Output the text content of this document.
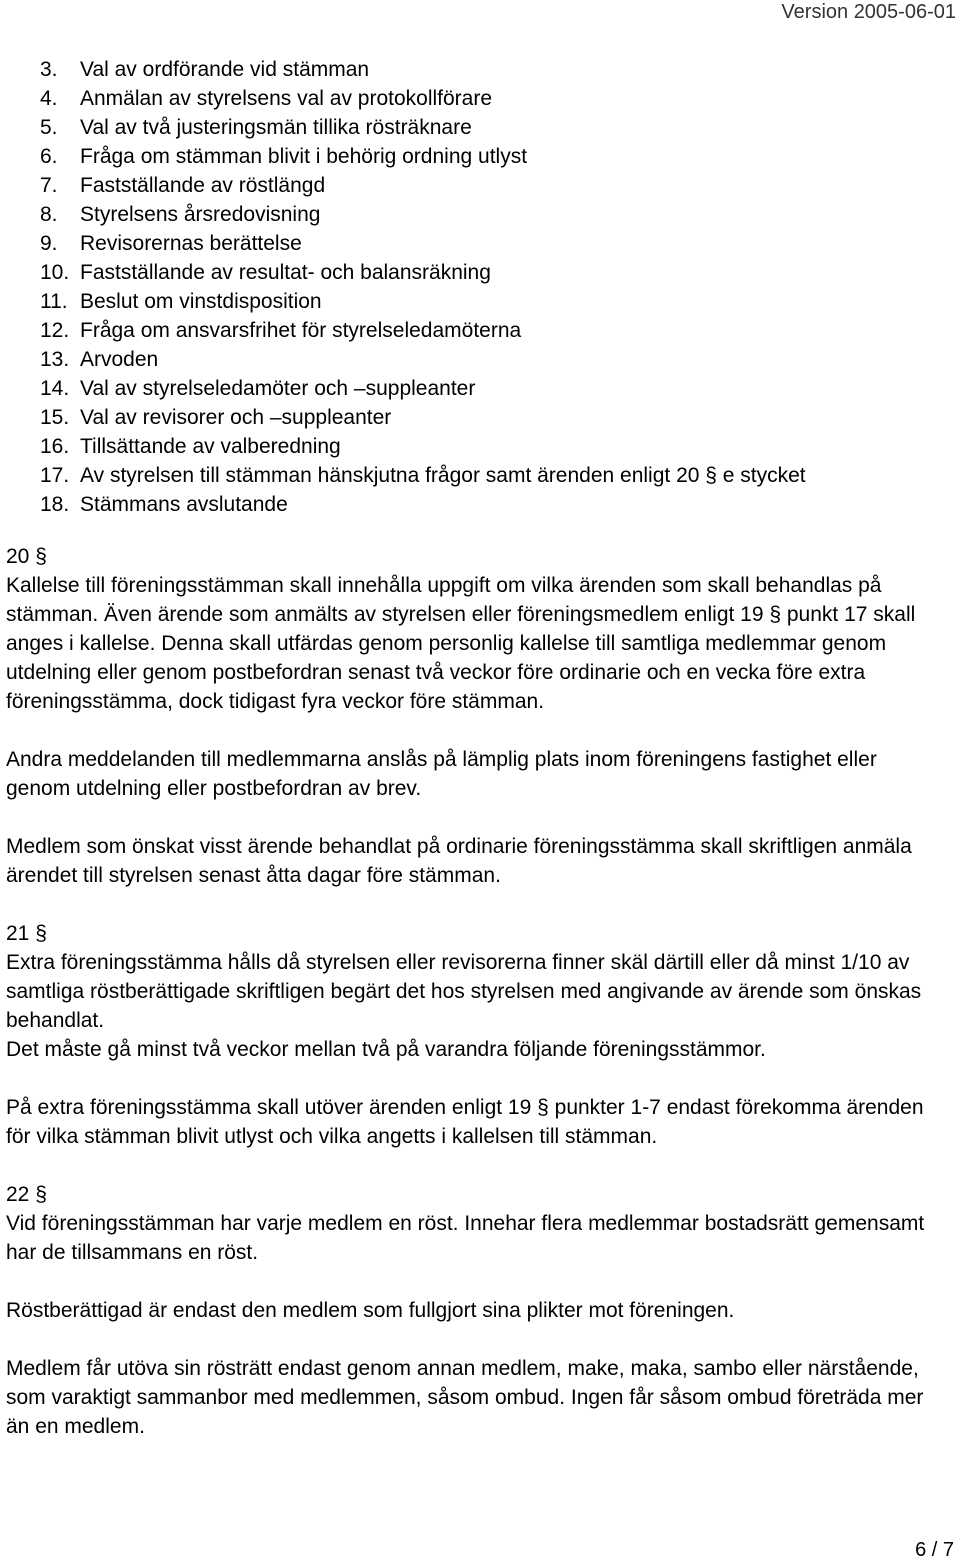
Version 2005-06-01
3.	Val av ordförande vid stämman
4.	Anmälan av styrelsens val av protokollförare
5.	Val av två justeringsmän tillika rösträknare
6.	Fråga om stämman blivit i behörig ordning utlyst
7.	Fastställande av röstlängd
8.	Styrelsens årsredovisning
9.	Revisorernas berättelse
10. Fastställande av resultat- och balansräkning
11. Beslut om vinstdisposition
12. Fråga om ansvarsfrihet för styrelseledamöterna
13. Arvoden
14. Val av styrelseledamöter och –suppleanter
15. Val av revisorer och –suppleanter
16. Tillsättande av valberedning
17. Av styrelsen till stämman hänskjutna frågor samt ärenden enligt 20 § e stycket
18. Stämmans avslutande

20 §

Kallelse till föreningsstämman skall innehålla uppgift om vilka ärenden som skall behandlas på stämman. Även ärende som anmälts av styrelsen eller föreningsmedlem enligt 19 § punkt 17 skall anges i kallelse. Denna skall utfärdas genom personlig kallelse till samtliga medlemmar genom utdelning eller genom postbefordran senast två veckor före ordinarie och en vecka före extra föreningsstämma, dock tidigast fyra veckor före stämman.

Andra meddelanden till medlemmarna anslås på lämplig plats inom föreningens fastighet eller genom utdelning eller postbefordran av brev.

Medlem som önskat visst ärende behandlat på ordinarie föreningsstämma skall skriftligen anmäla ärendet till styrelsen senast åtta dagar före stämman.

21 §

Extra föreningsstämma hålls då styrelsen eller revisorerna finner skäl därtill eller då minst 1/10 av samtliga röstberättigade skriftligen begärt det hos styrelsen med angivande av ärende som önskas behandlat.

Det måste gå minst två veckor mellan två på varandra följande föreningsstämmor.

På extra föreningsstämma skall utöver ärenden enligt 19 § punkter 1-7 endast förekomma ärenden för vilka stämman blivit utlyst och vilka angetts i kallelsen till stämman.

22 §

Vid föreningsstämman har varje medlem en röst. Innehar flera medlemmar bostadsrätt gemensamt har de tillsammans en röst.

Röstberättigad är endast den medlem som fullgjort sina plikter mot föreningen.

Medlem får utöva sin rösträtt endast genom annan medlem, make, maka, sambo eller närstående, som varaktigt sammanbor med medlemmen, såsom ombud. Ingen får såsom ombud företräda mer än en medlem.

6 / 7
